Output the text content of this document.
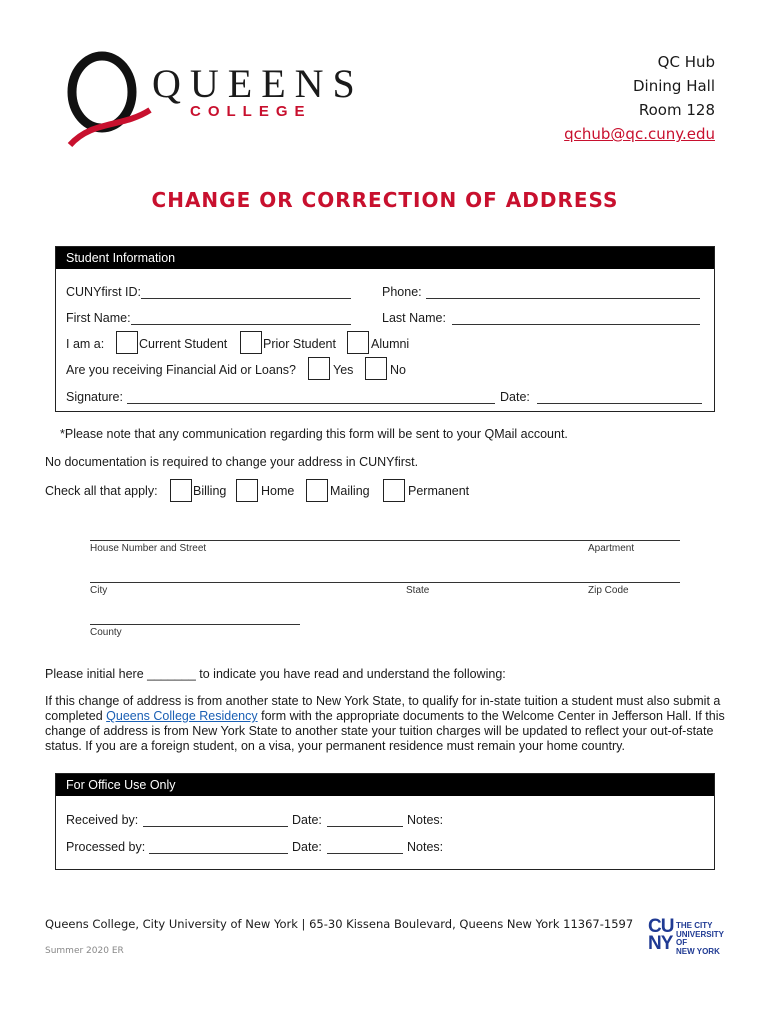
QUEENS
COLLEGE
QC Hub
Dining Hall
Room 128
qchub@qc.cuny.edu
CHANGE OR CORRECTION OF ADDRESS
Student Information
CUNYfirst ID:	Phone:
First Name:	Last Name:
I am a:	Current Student	Prior Student	Alumni
Are you receiving Financial Aid or Loans?	Yes	No
Signature:	Date:
*Please note that any communication regarding this form will be sent to your QMail account.
No documentation is required to change your address in CUNYfirst.
Check all that apply:	Billing	Home	Mailing	Permanent
House Number and Street	Apartment
City	State	Zip Code
County
Please initial here _______ to indicate you have read and understand the following:
If this change of address is from another state to New York State, to qualify for in-state tuition a student must also submit a completed Queens College Residency form with the appropriate documents to the Welcome Center in Jefferson Hall. If this change of address is from New York State to another state your tuition charges will be updated to reflect your out-of-state status. If you are a foreign student, on a visa, your permanent residence must remain your home country.
For Office Use Only
Received by:	Date:	Notes:
Processed by:	Date:	Notes:
Queens College, City University of New York | 65-30 Kissena Boulevard, Queens New York 11367-1597
Summer 2020 ER
CU
NY
THE CITY
UNIVERSITY
OF
NEW YORK
